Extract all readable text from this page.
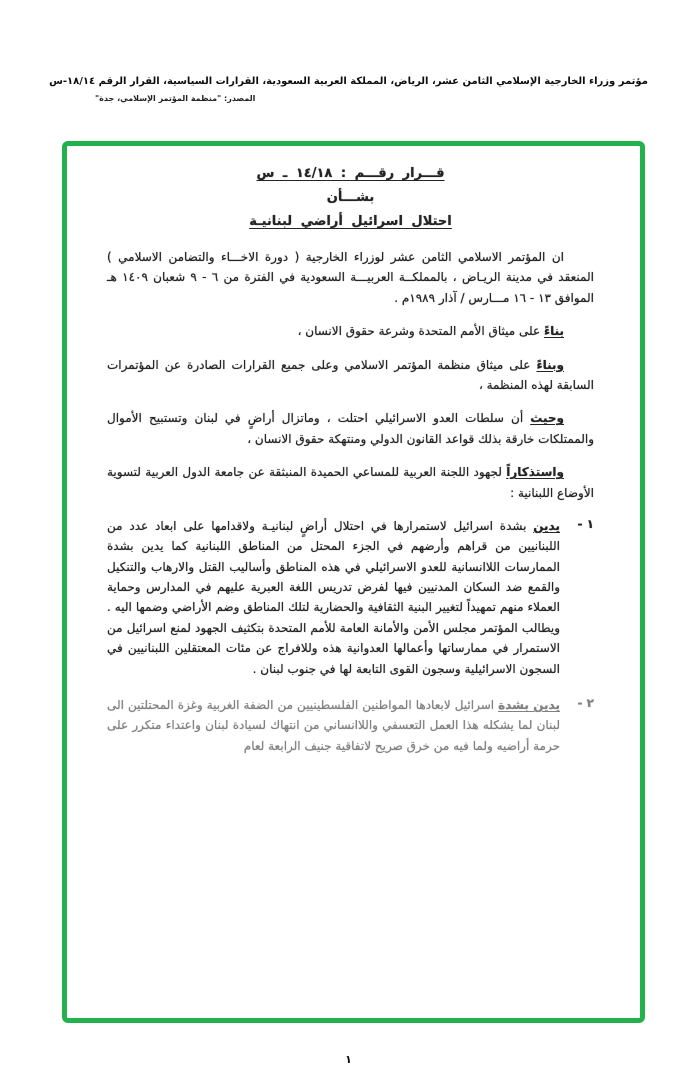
مؤتمر وزراء الخارجية الإسلامي الثامن عشر، الرياض، المملكة العربية السعودية، القرارات السياسية، القرار الرقم ١٨/١٤-س
المصدر: "منظمة المؤتمر الإسلامي، جدة"
قـــرار رقـــم : ١٤/١٨ ـ س
بشـــأن
احتلال اسرائيل أراضي لبنانيـة

ان المؤتمر الاسلامي الثامن عشر لوزراء الخارجية ( دورة الاخـــاء والتضامن الاسلامي ) المنعقد في مدينة الريـاض ، بالمملكــة العربيـــة السعودية في الفترة من ٦ - ٩ شعبان ١٤٠٩ هـ الموافق ١٣ - ١٦ مـــارس / آذار ١٩٨٩م .

بناءً على ميثاق الأمم المتحدة وشرعة حقوق الانسان ،

وبناءً على ميثاق منظمة المؤتمر الاسلامي وعلى جميع القرارات الصادرة عن المؤتمرات السابقة لهذه المنظمة ،

وحيث أن سلطات العدو الاسرائيلي احتلت ، وماتزال أراضٍ في لبنان وتستبيح الأموال والممتلكات خارقة بذلك قواعد القانون الدولي ومنتهكة حقوق الانسان ،

واستذكاراً لجهود اللجنة العربية للمساعي الحميدة المنبثقة عن جامعة الدول العربية لتسوية الأوضاع اللبنانية :

١ -

يدين بشدة اسرائيل لاستمرارها في احتلال أراضٍ لبنانيـة ولاقدامها على ابعاد عدد من اللبنانيين من قراهم وأرضهم في الجزء المحتل من المناطق اللبنانية كما يدين بشدة الممارسات اللاانسانية للعدو الاسرائيلي في هذه المناطق وأساليب القتل والارهاب والتنكيل والقمع ضد السكان المدنيين فيها لفرض تدريس اللغة العبرية عليهم في المدارس وحماية العملاء منهم تمهيداً لتغيير البنية الثقافية والحضارية لتلك المناطق وضم الأراضي وضمها اليه . ويطالب المؤتمر مجلس الأمن والأمانة العامة للأمم المتحدة بتكثيف الجهود لمنع اسرائيل من الاستمرار في ممارساتها وأعمالها العدوانية هذه وللافراج عن مئات المعتقلين اللبنانيين في السجون الاسرائيلية وسجون القوى التابعة لها في جنوب لبنان .

٢ -

يدين بشدة اسرائيل لابعادها المواطنين الفلسطينيين من الضفة الغربية وغزة المحتلتين الى لبنان لما يشكله هذا العمل التعسفي واللاانساني من انتهاك لسيادة لبنان واعتداء متكرر على حرمة أراضيه ولما فيه من خرق صريح لاتفاقية جنيف الرابعة لعام

١
